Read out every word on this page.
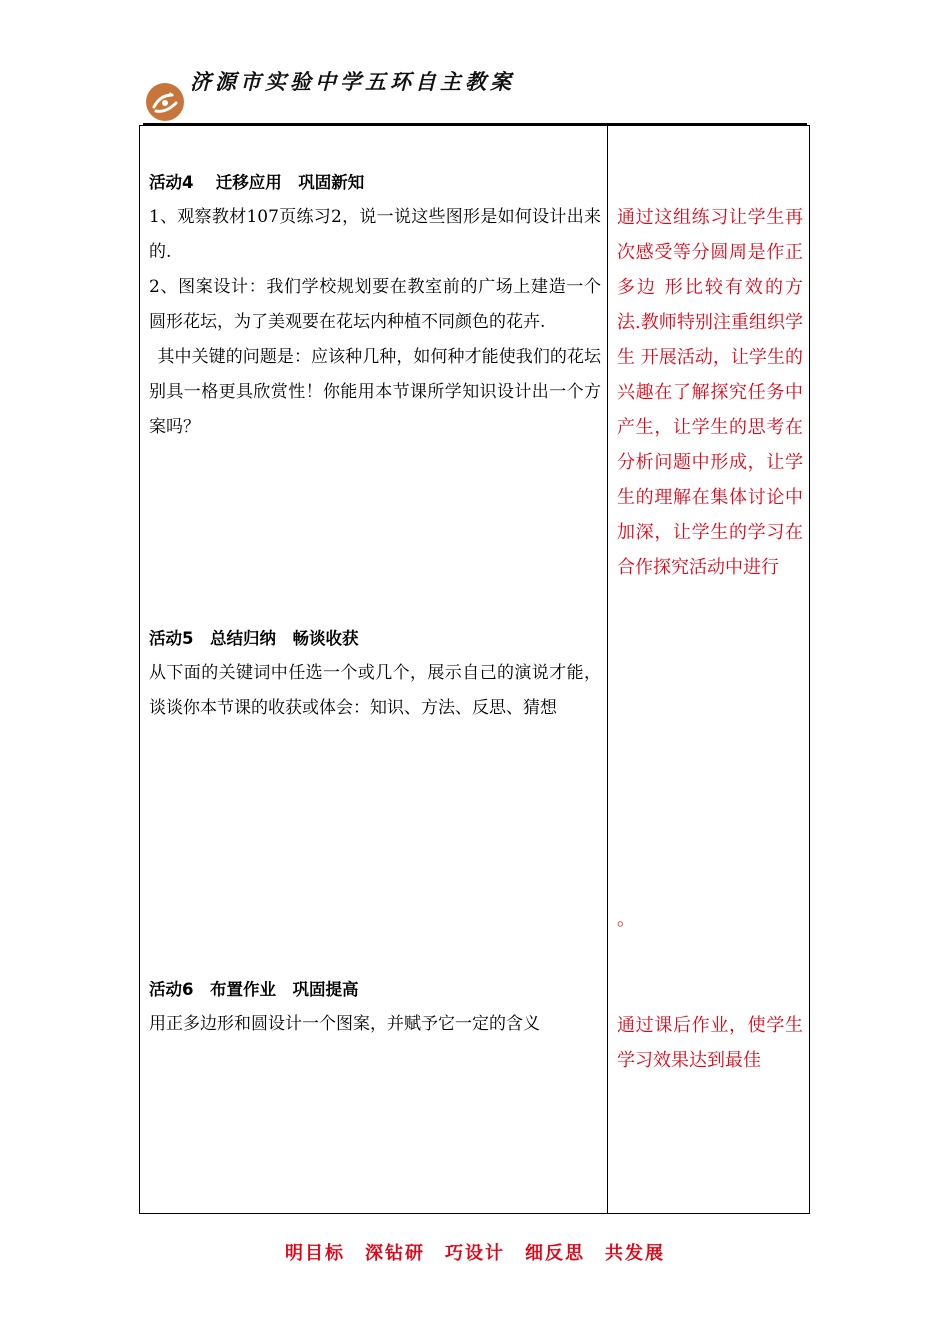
济源市实验中学五环自主教案
活动4　 迁移应用　巩固新知

1、观察教材107页练习2，说一说这些图形是如何设计出来的.

2、图案设计：我们学校规划要在教室前的广场上建造一个圆形花坛，为了美观要在花坛内种植不同颜色的花卉.

其中关键的问题是：应该种几种，如何种才能使我们的花坛别具一格更具欣赏性！你能用本节课所学知识设计出一个方案吗？

活动5　总结归纳　畅谈收获

从下面的关键词中任选一个或几个，展示自己的演说才能，谈谈你本节课的收获或体会：知识、方法、反思、猜想

活动6　布置作业　巩固提高

用正多边形和圆设计一个图案，并赋予它一定的含义

通过这组练习让学生再次感受等分圆周是作正多边 形比较有效的方法.教师特别注重组织学生 开展活动，让学生的兴趣在了解探究任务中产生，让学生的思考在分析问题中形成，让学生的理解在集体讨论中加深，让学生的学习在合作探究活动中进行
。
通过课后作业，使学生学习效果达到最佳
明目标　深钻研　巧设计　细反思　共发展
